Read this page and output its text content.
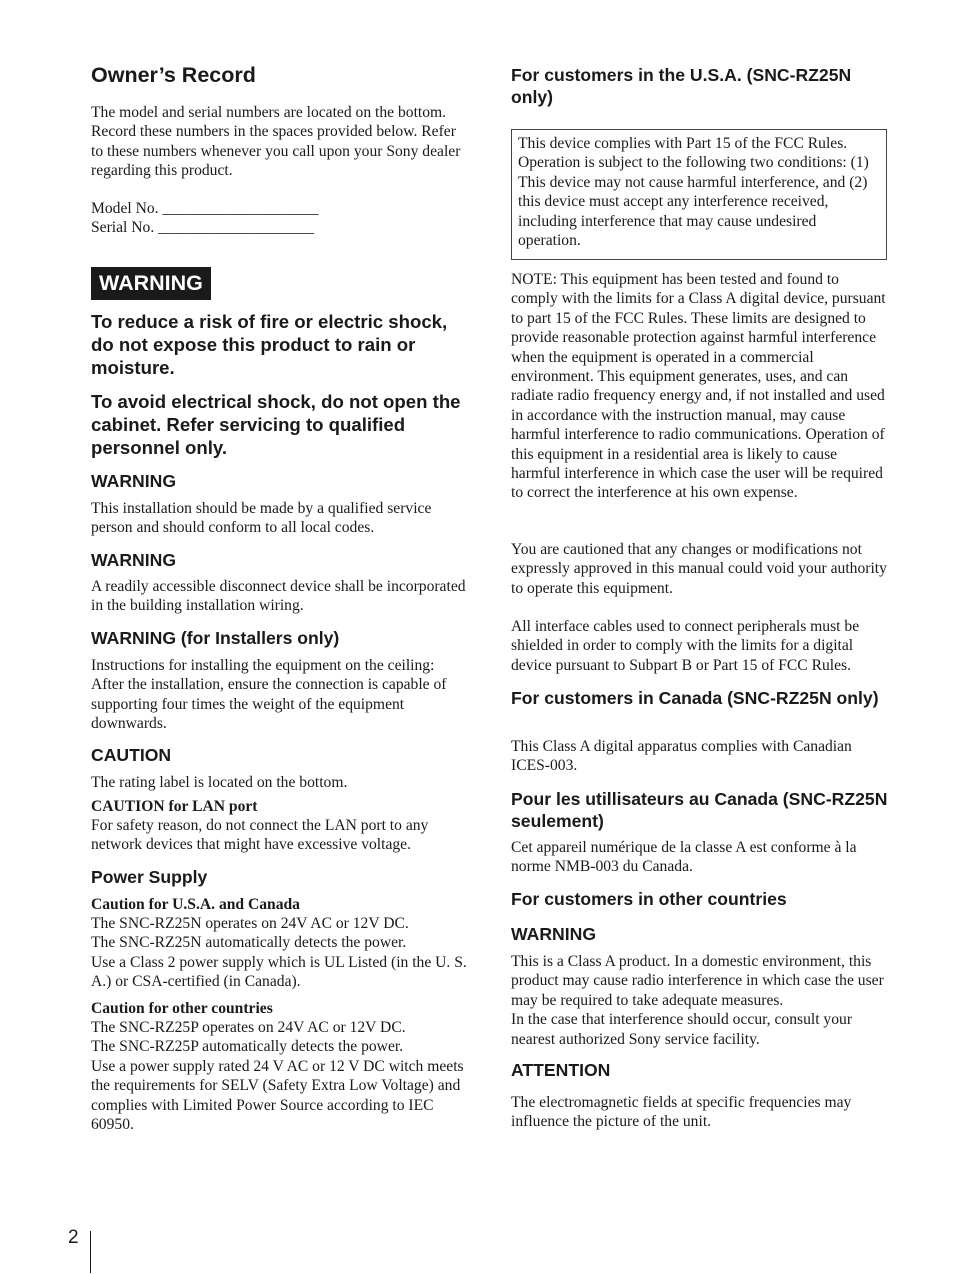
Owner’s Record

The model and serial numbers are located on the bottom. Record these numbers in the spaces provided below. Refer to these numbers whenever you call upon your Sony dealer regarding this product.

Model No. ____________________

Serial No. ____________________

To reduce a risk of fire or electric shock, do not expose this product to rain or moisture.

To avoid electrical shock, do not open the cabinet. Refer servicing to qualified personnel only.

WARNING

This installation should be made by a qualified service person and should conform to all local codes.

WARNING

A readily accessible disconnect device shall be incorporated in the building installation wiring.

WARNING (for Installers only)

Instructions for installing the equipment on the ceiling: After the installation, ensure the connection is capable of supporting four times the weight of the equipment downwards.

CAUTION

The rating label is located on the bottom.

CAUTION for LAN port

For safety reason, do not connect the LAN port to any network devices that might have excessive voltage.

Power Supply

Caution for U.S.A. and Canada

The SNC-RZ25N operates on 24V AC or 12V DC.
The SNC-RZ25N automatically detects the power.
Use a Class 2 power supply which is UL Listed (in the U. S. A.) or CSA-certified (in Canada).

Caution for other countries

The SNC-RZ25P operates on 24V AC or 12V DC.
The SNC-RZ25P automatically detects the power.
Use a power supply rated 24 V AC or 12 V DC witch meets the requirements for SELV (Safety Extra Low Voltage) and complies with Limited Power Source according to IEC 60950.

WARNING
For customers in the U.S.A. (SNC-RZ25N only)

NOTE: This equipment has been tested and found to comply with the limits for a Class A digital device, pursuant to part 15 of the FCC Rules. These limits are designed to provide reasonable protection against harmful interference when the equipment is operated in a commercial environment. This equipment generates, uses, and can radiate radio frequency energy and, if not installed and used in accordance with the instruction manual, may cause harmful interference to radio communications. Operation of this equipment in a residential area is likely to cause harmful interference in which case the user will be required to correct the interference at his own expense.

You are cautioned that any changes or modifications not expressly approved in this manual could void your authority to operate this equipment.

All interface cables used to connect peripherals must be shielded in order to comply with the limits for a digital device pursuant to Subpart B or Part 15 of FCC Rules.

For customers in Canada (SNC-RZ25N only)

This Class A digital apparatus complies with Canadian ICES-003.

Pour les utillisateurs au Canada (SNC-RZ25N seulement)

Cet appareil numérique de la classe A est conforme à la norme NMB-003 du Canada.

For customers in other countries
WARNING

This is a Class A product. In a domestic environment, this product may cause radio interference in which case the user may be required to take adequate measures.
In the case that interference should occur, consult your nearest authorized Sony service facility.

ATTENTION

The electromagnetic fields at specific frequencies may influence the picture of the unit.

This device complies with Part 15 of the FCC Rules. Operation is subject to the following two conditions: (1) This device may not cause harmful interference, and (2) this device must accept any interference received, including interference that may cause undesired operation.
2
